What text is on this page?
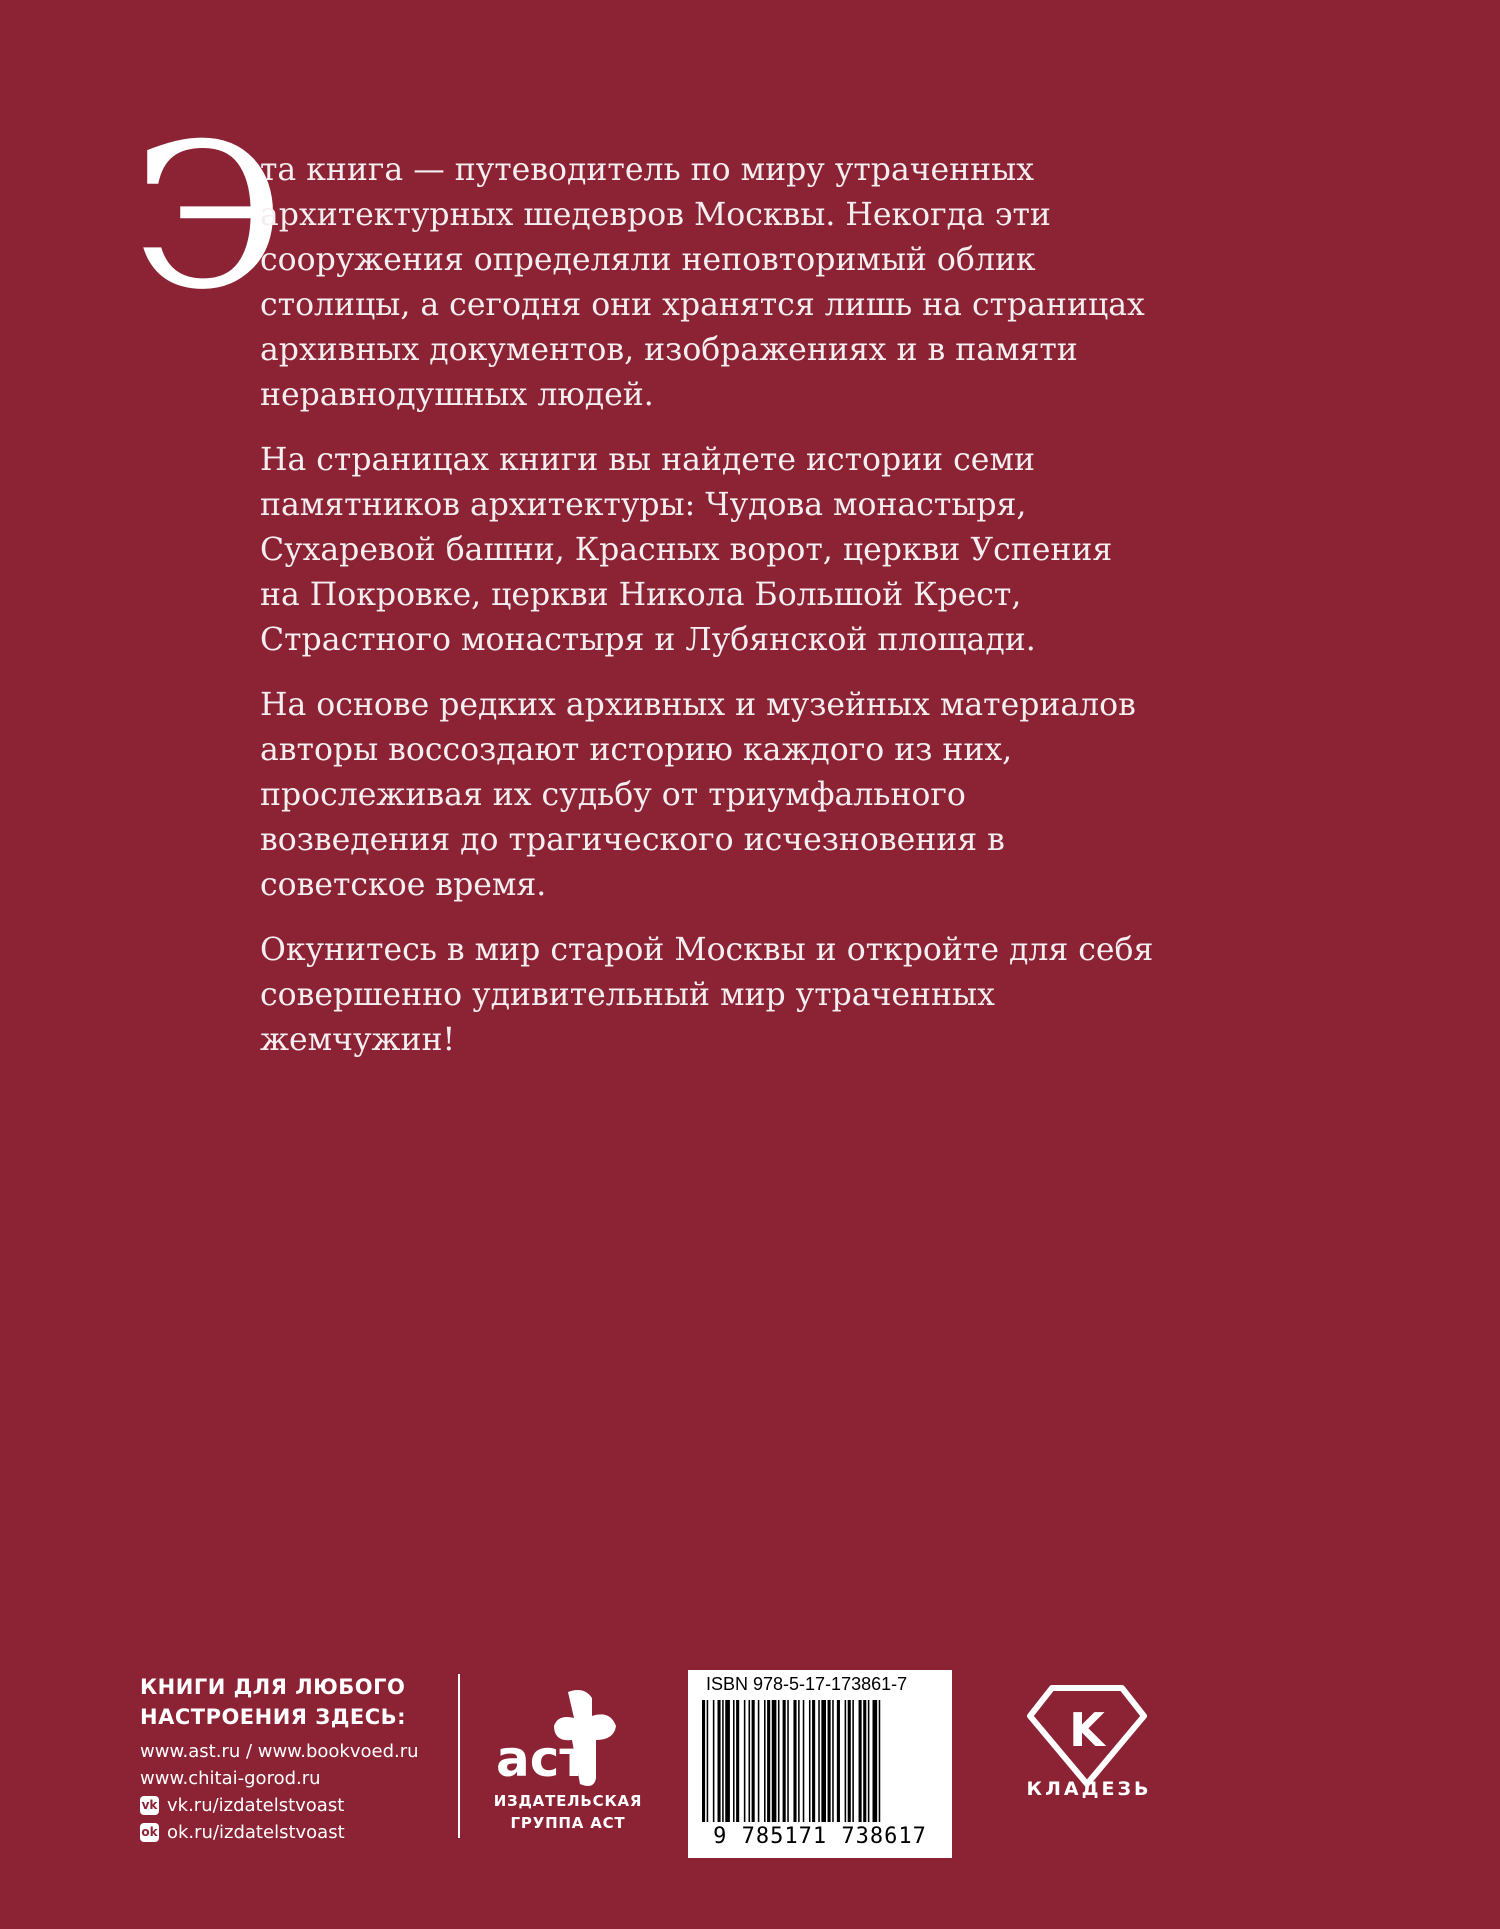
Э

та книга — путеводитель по миру утраченных архитектурных шедевров Москвы. Некогда эти сооружения определяли неповторимый облик столицы, а сегодня они хранятся лишь на страницах архивных документов, изображениях и в памяти неравнодушных людей.

На страницах книги вы найдете истории семи памятников архитектуры: Чудова монастыря, Сухаревой башни, Красных ворот, церкви Успения на Покровке, церкви Никола Большой Крест, Страстного монастыря и Лубянской площади.

На основе редких архивных и музейных материалов авторы воссоздают историю каждого из них, прослеживая их судьбу от триумфального возведения до трагического исчезновения в советское время.

Окунитесь в мир старой Москвы и откройте для себя совершенно удивительный мир утраченных жемчужин!

КНИГИ ДЛЯ ЛЮБОГО
НАСТРОЕНИЯ ЗДЕСЬ:
www.ast.ru / www.bookvoed.ru
www.chitai-gorod.ru
vk vk.ru/izdatelstvoast
ok ok.ru/izdatelstvoast
аст
ИЗДАТЕЛЬСКАЯ
ГРУППА АСТ
ISBN 978-5-17-173861-7
9 785171 738617
K
КЛАДЕЗЬ
